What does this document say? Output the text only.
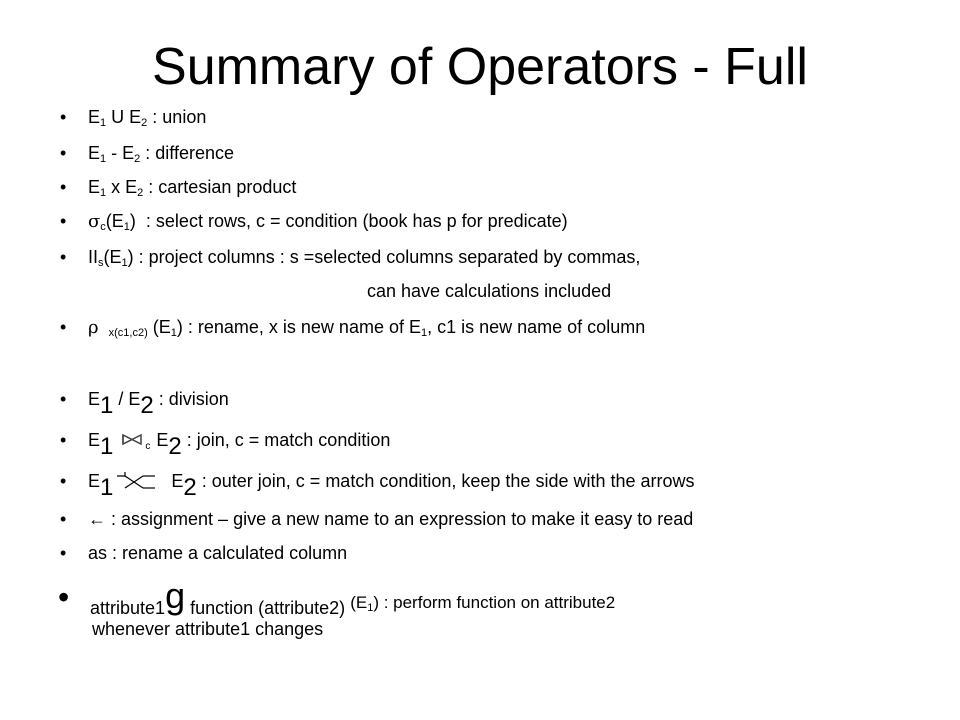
Summary of Operators - Full
• $E_1$ U $E_2$ : union
• $E_1 - E_2$ : difference
• $E_1$ x $E_2$ : cartesian product
• $\sigma_c(E_1)$  : select rows, c = condition (book has p for predicate)
• $II_s(E_1)$ : project columns : s =selected columns separated by commas,
can have calculations included
• ρ $_{x(c1,c2)}$ $(E_1)$ : rename, x is new name of $E_1$, c1 is new name of column
• E1 / E2 : division
• E1	$_c$ E2 : join, c = match condition
• E1	E2 : outer join, c = match condition, keep the side with the arrows
• ← : assignment – give a new name to an expression to make it easy to read
• as : rename a calculated column
• attribute1g function (attribute2) $(E_1)$ : perform function on attribute2
whenever attribute1 changes
